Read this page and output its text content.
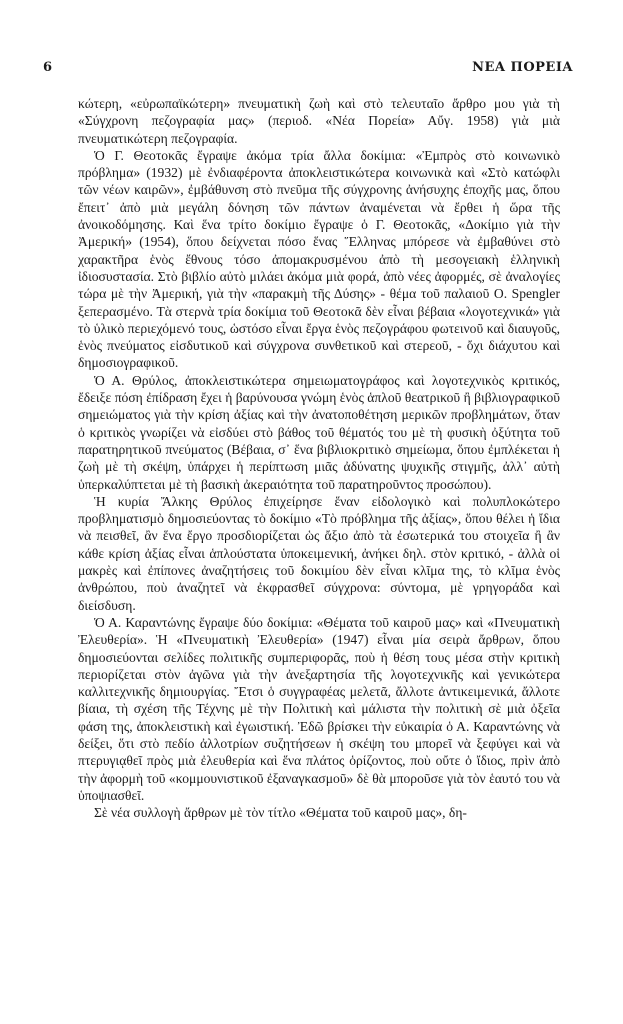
6	ΝΕΑ ΠΟΡΕΙΑ

κώτερη, «εὐρωπαϊκώτερη» πνευματικὴ ζωὴ καὶ στὸ τελευταῖο ἄρθρο μου γιὰ τὴ «Σύγχρονη πεζογραφία μας» (περιοδ. «Νέα Πορεία» Αὔγ. 1958) γιὰ μιὰ πνευματικώτερη πεζογραφία.

Ὁ Γ. Θεοτοκᾶς ἔγραψε ἀκόμα τρία ἄλλα δοκίμια: «Ἐμπρὸς στὸ κοινωνικὸ πρόβλημα» (1932) μὲ ἐνδιαφέροντα ἀποκλειστικώτερα κοινωνικὰ καὶ «Στὸ κατώφλι τῶν νέων καιρῶν», ἐμβάθυνση στὸ πνεῦμα τῆς σύγχρονης ἀνήσυχης ἐποχῆς μας, ὅπου ἔπειτ᾿ ἀπὸ μιὰ μεγάλη δόνηση τῶν πάντων ἀναμένεται νὰ ἔρθει ἡ ὥρα τῆς ἀνοικοδόμησης. Καὶ ἕνα τρίτο δοκίμιο ἔγραψε ὁ Γ. Θεοτοκᾶς, «Δοκίμιο γιὰ τὴν Ἀμερική» (1954), ὅπου δείχνεται πόσο ἕνας Ἕλληνας μπόρεσε νὰ ἐμβαθύνει στὸ χαρακτῆρα ἑνὸς ἔθνους τόσο ἀπομακρυσμένου ἀπὸ τὴ μεσογειακὴ ἑλληνικὴ ἰδιοσυστασία. Στὸ βιβλίο αὐτὸ μιλάει ἀκόμα μιὰ φορά, ἀπὸ νέες ἀφορμές, σὲ ἀναλογίες τώρα μὲ τὴν Ἀμερική, γιὰ τὴν «παρακμὴ τῆς Δύσης» - θέμα τοῦ παλαιοῦ Ο. Spengler ξεπερασμένο. Τὰ στερνὰ τρία δοκίμια τοῦ Θεοτοκᾶ δὲν εἶναι βέβαια «λογοτεχνικά» γιὰ τὸ ὑλικὸ περιεχόμενό τους, ὡστόσο εἶναι ἔργα ἑνὸς πεζογράφου φωτεινοῦ καὶ διαυγοῦς, ἑνὸς πνεύματος εἰσδυτικοῦ καὶ σύγχρονα συνθετικοῦ καὶ στερεοῦ, - ὄχι διάχυτου καὶ δημοσιογραφικοῦ.

Ὁ Α. Θρύλος, ἀποκλειστικώτερα σημειωματογράφος καὶ λογοτεχνικὸς κριτικός, ἔδειξε πόση ἐπίδραση ἔχει ἡ βαρύνουσα γνώμη ἑνὸς ἁπλοῦ θεατρικοῦ ἢ βιβλιογραφικοῦ σημειώματος γιὰ τὴν κρίση ἀξίας καὶ τὴν ἀνατοποθέτηση μερικῶν προβλημάτων, ὅταν ὁ κριτικὸς γνωρίζει νὰ εἰσδύει στὸ βάθος τοῦ θέματός του μὲ τὴ φυσικὴ ὀξύτητα τοῦ παρατηρητικοῦ πνεύματος (Βέβαια, σ᾿ ἕνα βιβλιοκριτικὸ σημείωμα, ὅπου ἐμπλέκεται ἡ ζωὴ μὲ τὴ σκέψη, ὑπάρχει ἡ περίπτωση μιᾶς ἀδύνατης ψυχικῆς στιγμῆς, ἀλλ᾿ αὐτὴ ὑπερκαλύπτεται μὲ τὴ βασικὴ ἀκεραιότητα τοῦ παρατηροῦντος προσώπου).

Ἡ κυρία Ἄλκης Θρύλος ἐπιχείρησε ἕναν εἰδολογικὸ καὶ πολυπλοκώτερο προβληματισμὸ δημοσιεύοντας τὸ δοκίμιο «Τὸ πρόβλημα τῆς ἀξίας», ὅπου θέλει ἡ ἴδια νὰ πεισθεῖ, ἂν ἕνα ἔργο προσδιορίζεται ὡς ἄξιο ἀπὸ τὰ ἐσωτερικά του στοιχεῖα ἢ ἂν κάθε κρίση ἀξίας εἶναι ἁπλούστατα ὑποκειμενική, ἀνήκει δηλ. στὸν κριτικό, - ἀλλὰ οἱ μακρὲς καὶ ἐπίπονες ἀναζητήσεις τοῦ δοκιμίου δὲν εἶναι κλῖμα της, τὸ κλῖμα ἑνὸς ἀνθρώπου, ποὺ ἀναζητεῖ νὰ ἐκφρασθεῖ σύγχρονα: σύντομα, μὲ γρηγοράδα καὶ διείσδυση.

Ὁ Α. Καραντώνης ἔγραψε δύο δοκίμια: «Θέματα τοῦ καιροῦ μας» καὶ «Πνευματικὴ Ἐλευθερία». Ἡ «Πνευματικὴ Ἐλευθερία» (1947) εἶναι μία σειρὰ ἄρθρων, ὅπου δημοσιεύονται σελίδες πολιτικῆς συμπεριφορᾶς, ποὺ ἡ θέση τους μέσα στὴν κριτικὴ περιορίζεται στὸν ἀγῶνα γιὰ τὴν ἀνεξαρτησία τῆς λογοτεχνικῆς καὶ γενικώτερα καλλιτεχνικῆς δημιουργίας. Ἔτσι ὁ συγγραφέας μελετᾶ, ἄλλοτε ἀντικειμενικά, ἄλλοτε βίαια, τὴ σχέση τῆς Τέχνης μὲ τὴν Πολιτικὴ καὶ μάλιστα τὴν πολιτικὴ σὲ μιὰ ὀξεῖα φάση της, ἀποκλειστικὴ καὶ ἐγωιστική. Ἐδῶ βρίσκει τὴν εὐκαιρία ὁ Α. Καραντώνης νὰ δείξει, ὅτι στὸ πεδίο ἀλλοτρίων συζητήσεων ἡ σκέψη του μπορεῖ νὰ ξεφύγει καὶ νὰ πτερυγιᾳθεῖ πρὸς μιὰ ἐλευθερία καὶ ἕνα πλάτος ὁρίζοντος, ποὺ οὔτε ὁ ἴδιος, πρὶν ἀπὸ τὴν ἀφορμὴ τοῦ «κομμουνιστικοῦ ἐξαναγκασμοῦ» δὲ θὰ μποροῦσε γιὰ τὸν ἑαυτό του νὰ ὑποψιασθεῖ.

Σὲ νέα συλλογὴ ἄρθρων μὲ τὸν τίτλο «Θέματα τοῦ καιροῦ μας», δη-
